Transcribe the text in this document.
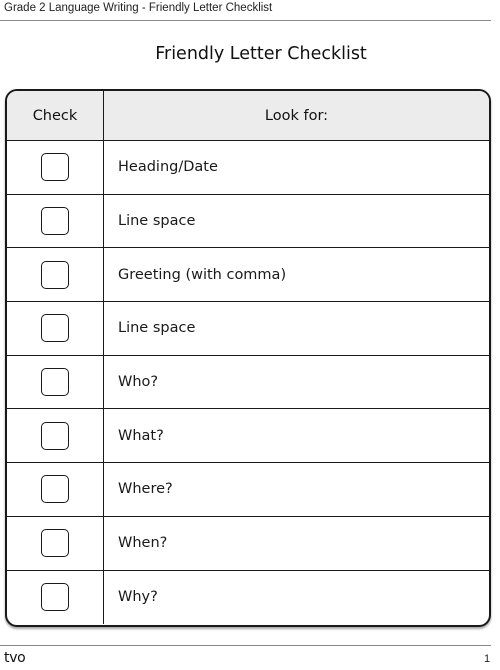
Grade 2 Language Writing - Friendly Letter Checklist
Friendly Letter Checklist
Check	Look for:
Heading/Date
Line space
Greeting (with comma)
Line space
Who?
What?
Where?
When?
Why?
tvo	1
